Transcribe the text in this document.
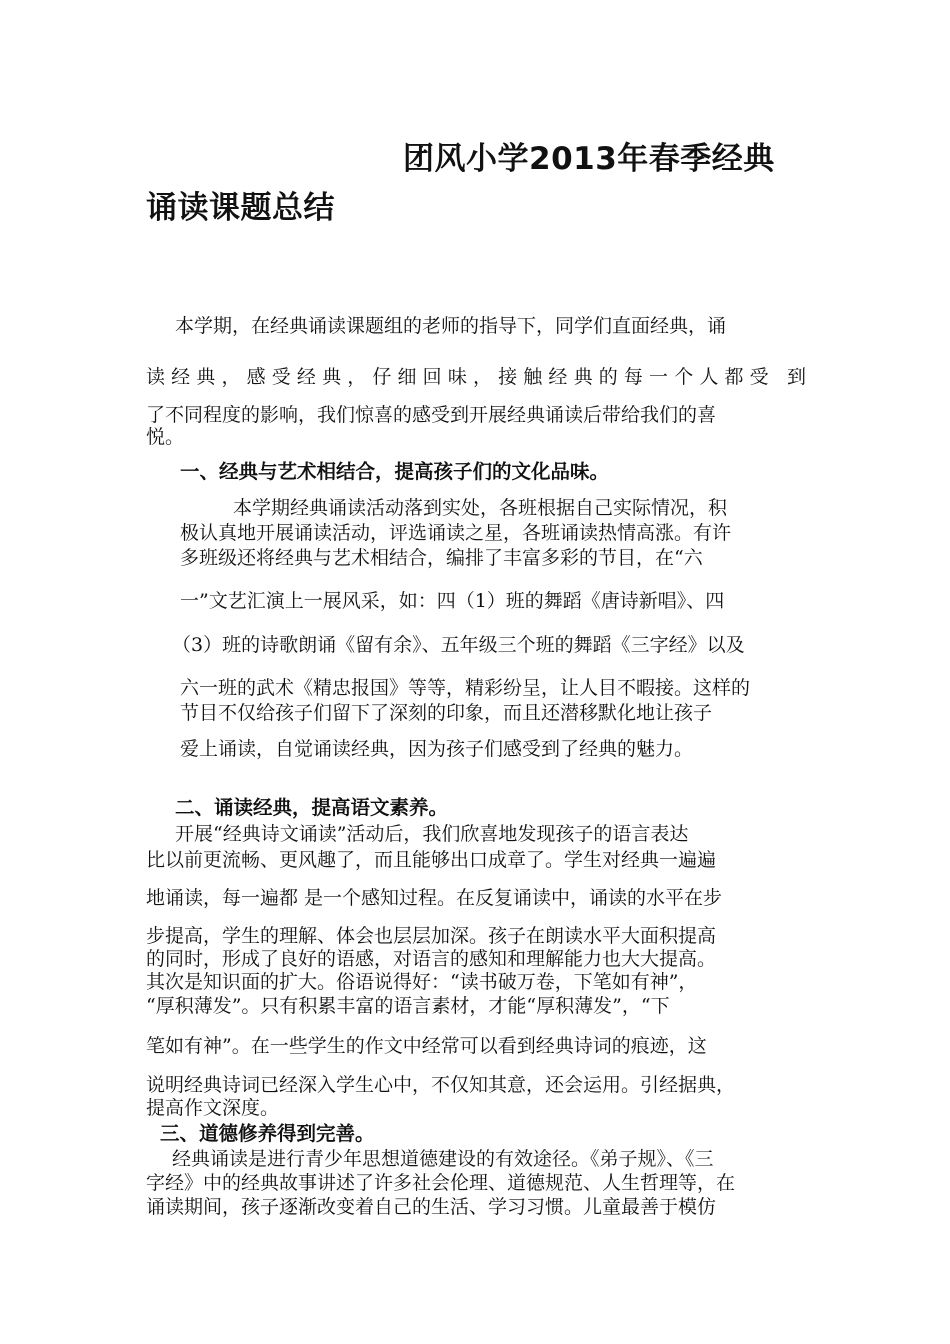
团风小学2013年春季经典
诵读课题总结
本学期，在经典诵读课题组的老师的指导下，同学们直面经典，诵
读经典，感受经典，仔细回味，接触经典的每一个人都受 到
了不同程度的影响，我们惊喜的感受到开展经典诵读后带给我们的喜
悦。
一、经典与艺术相结合，提高孩子们的文化品味。
本学期经典诵读活动落到实处，各班根据自己实际情况，积
极认真地开展诵读活动，评选诵读之星，各班诵读热情高涨。有许
多班级还将经典与艺术相结合，编排了丰富多彩的节目，在“六
一”文艺汇演上一展风采，如：四（1）班的舞蹈《唐诗新唱》、四
（3）班的诗歌朗诵《留有余》、五年级三个班的舞蹈《三字经》以及
六一班的武术《精忠报国》等等，精彩纷呈，让人目不暇接。这样的
节目不仅给孩子们留下了深刻的印象，而且还潜移默化地让孩子
爱上诵读，自觉诵读经典，因为孩子们感受到了经典的魅力。
二、诵读经典，提高语文素养。
开展“经典诗文诵读”活动后，我们欣喜地发现孩子的语言表达
比以前更流畅、更风趣了，而且能够出口成章了。学生对经典一遍遍
地诵读，每一遍都 是一个感知过程。在反复诵读中，诵读的水平在步
步提高，学生的理解、体会也层层加深。孩子在朗读水平大面积提高
的同时，形成了良好的语感，对语言的感知和理解能力也大大提高。
其次是知识面的扩大。俗语说得好：“读书破万卷，下笔如有神”，
“厚积薄发”。只有积累丰富的语言素材，才能“厚积薄发”，“下
笔如有神”。在一些学生的作文中经常可以看到经典诗词的痕迹，这
说明经典诗词已经深入学生心中，不仅知其意，还会运用。引经据典，
提高作文深度。
三、道德修养得到完善。
经典诵读是进行青少年思想道德建设的有效途径。《弟子规》、《三
字经》中的经典故事讲述了许多社会伦理、道德规范、人生哲理等，在
诵读期间，孩子逐渐改变着自己的生活、学习习惯。儿童最善于模仿
